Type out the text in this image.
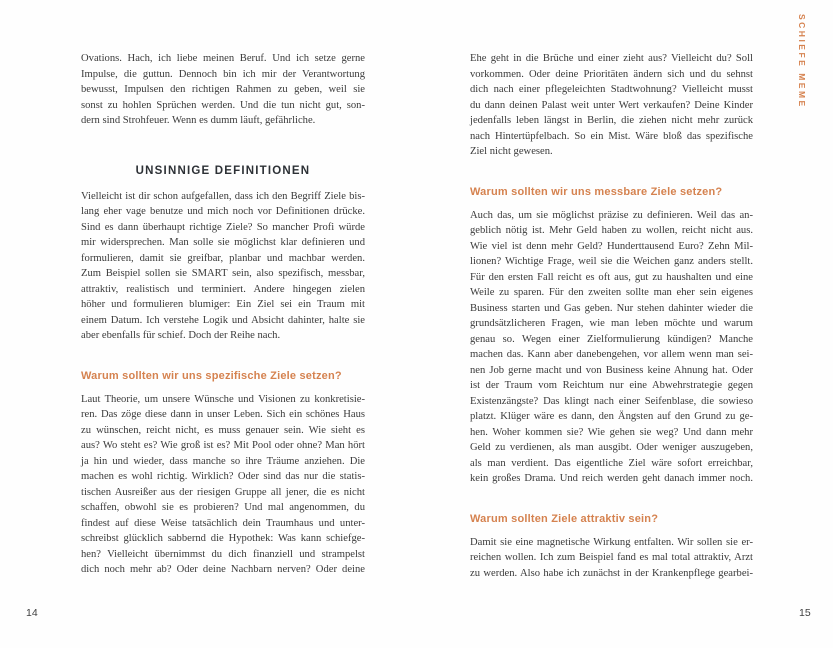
SCHIEFE MEME
Ovations. Hach, ich liebe meinen Beruf. Und ich setze gerne
Impulse, die guttun. Dennoch bin ich mir der Verantwortung
bewusst, Impulsen den richtigen Rahmen zu geben, weil sie
sonst zu hohlen Sprüchen werden. Und die tun nicht gut, son-
dern sind Strohfeuer. Wenn es dumm läuft, gefährliche.
UNSINNIGE DEFINITIONEN
Vielleicht ist dir schon aufgefallen, dass ich den Begriff Ziele bis-
lang eher vage benutze und mich noch vor Definitionen drücke.
Sind es dann überhaupt richtige Ziele? So mancher Profi würde
mir widersprechen. Man solle sie möglichst klar definieren und
formulieren, damit sie greifbar, planbar und machbar werden.
Zum Beispiel sollen sie SMART sein, also spezifisch, messbar,
attraktiv, realistisch und terminiert. Andere hingegen zielen
höher und formulieren blumiger: Ein Ziel sei ein Traum mit
einem Datum. Ich verstehe Logik und Absicht dahinter, halte sie
aber ebenfalls für schief. Doch der Reihe nach.
Warum sollten wir uns spezifische Ziele setzen?
Laut Theorie, um unsere Wünsche und Visionen zu konkretisie-
ren. Das zöge diese dann in unser Leben. Sich ein schönes Haus
zu wünschen, reicht nicht, es muss genauer sein. Wie sieht es
aus? Wo steht es? Wie groß ist es? Mit Pool oder ohne? Man hört
ja hin und wieder, dass manche so ihre Träume anziehen. Die
machen es wohl richtig. Wirklich? Oder sind das nur die statis-
tischen Ausreißer aus der riesigen Gruppe all jener, die es nicht
schaffen, obwohl sie es probieren? Und mal angenommen, du
findest auf diese Weise tatsächlich dein Traumhaus und unter-
schreibst glücklich sabbernd die Hypothek: Was kann schiefge-
hen? Vielleicht übernimmst du dich finanziell und strampelst
dich noch mehr ab? Oder deine Nachbarn nerven? Oder deine
Ehe geht in die Brüche und einer zieht aus? Vielleicht du? Soll
vorkommen. Oder deine Prioritäten ändern sich und du sehnst
dich nach einer pflegeleichten Stadtwohnung? Vielleicht musst
du dann deinen Palast weit unter Wert verkaufen? Deine Kinder
jedenfalls leben längst in Berlin, die ziehen nicht mehr zurück
nach Hintertüpfelbach. So ein Mist. Wäre bloß das spezifische
Ziel nicht gewesen.
Warum sollten wir uns messbare Ziele setzen?
Auch das, um sie möglichst präzise zu definieren. Weil das an-
geblich nötig ist. Mehr Geld haben zu wollen, reicht nicht aus.
Wie viel ist denn mehr Geld? Hunderttausend Euro? Zehn Mil-
lionen? Wichtige Frage, weil sie die Weichen ganz anders stellt.
Für den ersten Fall reicht es oft aus, gut zu haushalten und eine
Weile zu sparen. Für den zweiten sollte man eher sein eigenes
Business starten und Gas geben. Nur stehen dahinter wieder die
grundsätzlicheren Fragen, wie man leben möchte und warum
genau so. Wegen einer Zielformulierung kündigen? Manche
machen das. Kann aber danebengehen, vor allem wenn man sei-
nen Job gerne macht und von Business keine Ahnung hat. Oder
ist der Traum vom Reichtum nur eine Abwehrstrategie gegen
Existenzängste? Das klingt nach einer Seifenblase, die sowieso
platzt. Klüger wäre es dann, den Ängsten auf den Grund zu ge-
hen. Woher kommen sie? Wie gehen sie weg? Und dann mehr
Geld zu verdienen, als man ausgibt. Oder weniger auszugeben,
als man verdient. Das eigentliche Ziel wäre sofort erreichbar,
kein großes Drama. Und reich werden geht danach immer noch.
Warum sollten Ziele attraktiv sein?
Damit sie eine magnetische Wirkung entfalten. Wir sollen sie er-
reichen wollen. Ich zum Beispiel fand es mal total attraktiv, Arzt
zu werden. Also habe ich zunächst in der Krankenpflege gearbei-
14	15
